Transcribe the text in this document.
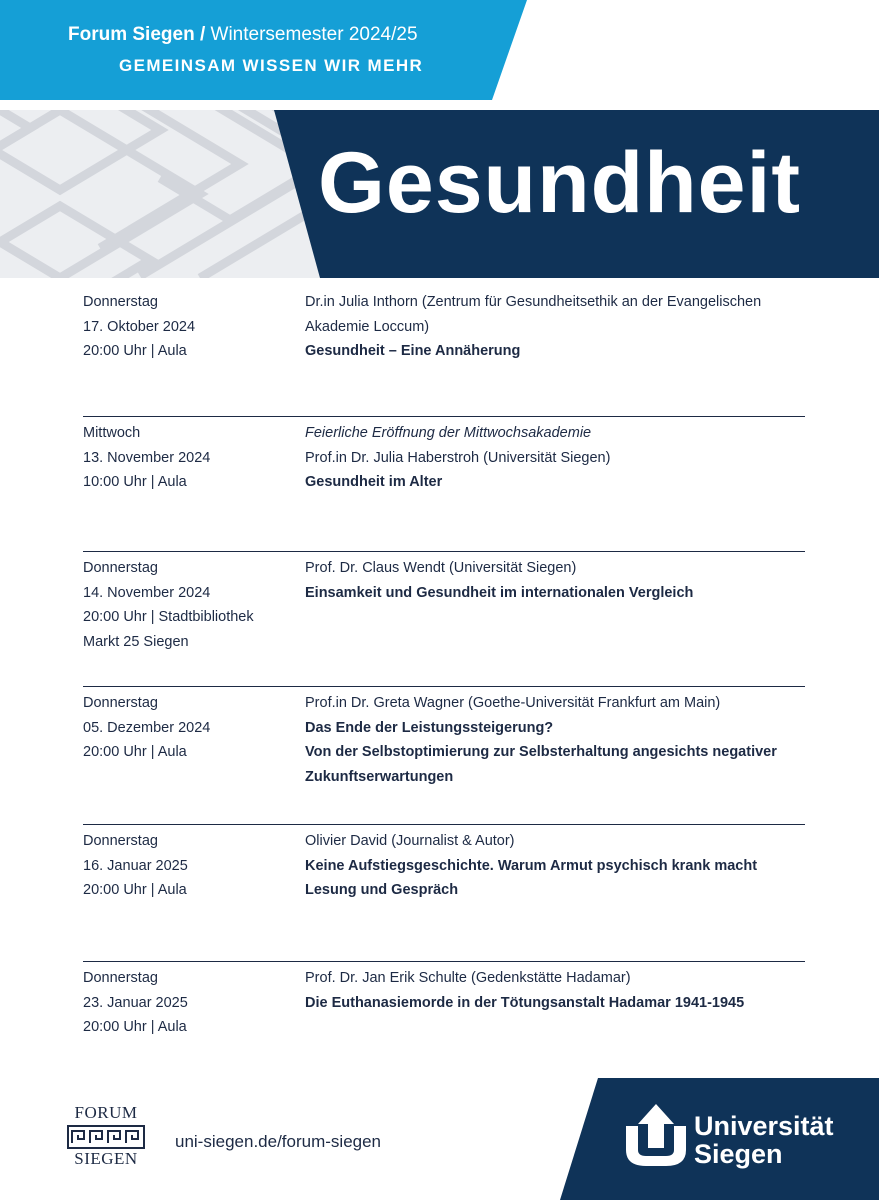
Forum Siegen / Wintersemester 2024/25
GEMEINSAM WISSEN WIR MEHR
Gesundheit
Donnerstag
17. Oktober 2024
20:00 Uhr | Aula
Dr.in Julia Inthorn (Zentrum für Gesundheitsethik an der Evangelischen
Akademie Loccum)
Gesundheit – Eine Annäherung
Mittwoch
13. November 2024
10:00 Uhr | Aula
Feierliche Eröffnung der Mittwochsakademie
Prof.in Dr. Julia Haberstroh (Universität Siegen)
Gesundheit im Alter
Donnerstag
14. November 2024
20:00 Uhr | Stadtbibliothek
Markt 25 Siegen
Prof. Dr. Claus Wendt (Universität Siegen)
Einsamkeit und Gesundheit im internationalen Vergleich
Donnerstag
05. Dezember 2024
20:00 Uhr | Aula
Prof.in Dr. Greta Wagner (Goethe-Universität Frankfurt am Main)
Das Ende der Leistungssteigerung?
Von der Selbstoptimierung zur Selbsterhaltung angesichts negativer Zukunftserwartungen
Donnerstag
16. Januar 2025
20:00 Uhr | Aula
Olivier David (Journalist & Autor)
Keine Aufstiegsgeschichte. Warum Armut psychisch krank macht
Lesung und Gespräch
Donnerstag
23. Januar 2025
20:00 Uhr | Aula
Prof. Dr. Jan Erik Schulte (Gedenkstätte Hadamar)
Die Euthanasiemorde in der Tötungsanstalt Hadamar 1941-1945
FORUM
SIEGEN
uni-siegen.de/forum-siegen
Universität
Siegen
